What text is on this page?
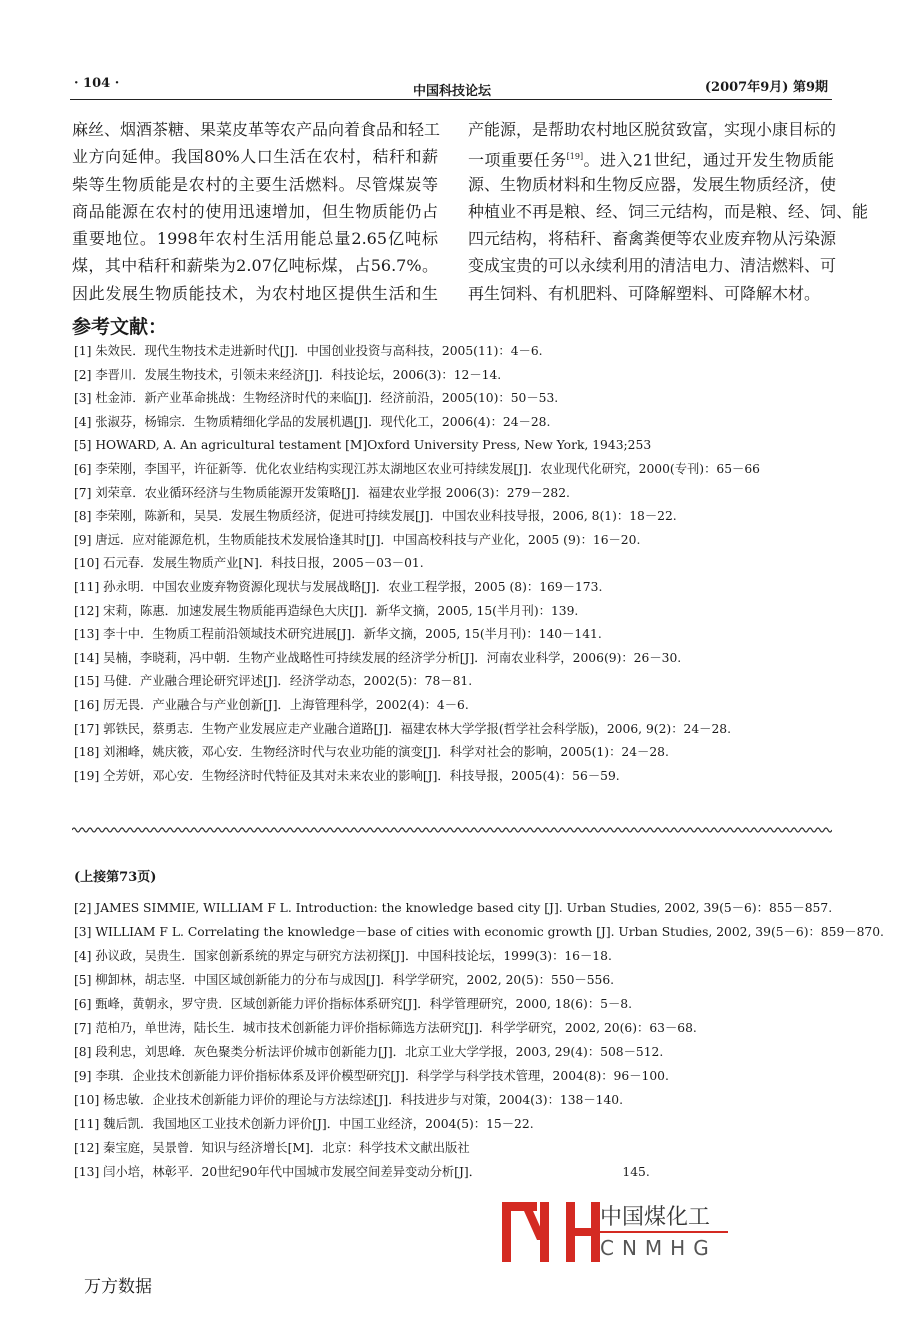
· 104 ·
中国科技论坛	(2007年9月) 第9期
麻丝、烟酒茶糖、果菜皮革等农产品向着食品和轻工
业方向延伸。我国80%人口生活在农村，秸秆和薪
柴等生物质能是农村的主要生活燃料。尽管煤炭等
商品能源在农村的使用迅速增加，但生物质能仍占
重要地位。1998年农村生活用能总量2.65亿吨标
煤，其中秸秆和薪柴为2.07亿吨标煤，占56.7%。
因此发展生物质能技术，为农村地区提供生活和生
产能源，是帮助农村地区脱贫致富，实现小康目标的
一项重要任务[19]。进入21世纪，通过开发生物质能
源、生物质材料和生物反应器，发展生物质经济，使
种植业不再是粮、经、饲三元结构，而是粮、经、饲、能
四元结构，将秸秆、畜禽粪便等农业废弃物从污染源
变成宝贵的可以永续利用的清洁电力、清洁燃料、可
再生饲料、有机肥料、可降解塑料、可降解木材。
参考文献：
[1] 朱效民．现代生物技术走进新时代[J]．中国创业投资与高科技，2005(11)：4－6.
[2] 李晋川．发展生物技术，引领未来经济[J]．科技论坛，2006(3)：12－14.
[3] 杜金沛．新产业革命挑战：生物经济时代的来临[J]．经济前沿，2005(10)：50－53.
[4] 张淑芬，杨锦宗．生物质精细化学品的发展机遇[J]．现代化工，2006(4)：24－28.
[5] HOWARD, A. An agricultural testament [M]Oxford University Press, New York, 1943;253
[6] 李荣刚，李国平，许征新等．优化农业结构实现江苏太湖地区农业可持续发展[J]．农业现代化研究，2000(专刊)：65－66
[7] 刘荣章．农业循环经济与生物质能源开发策略[J]．福建农业学报 2006(3)：279－282.
[8] 李荣刚，陈新和，吴昊．发展生物质经济，促进可持续发展[J]．中国农业科技导报，2006, 8(1)：18－22.
[9] 唐远．应对能源危机，生物质能技术发展恰逢其时[J]．中国高校科技与产业化，2005 (9)：16－20.
[10] 石元春．发展生物质产业[N]．科技日报，2005－03－01.
[11] 孙永明．中国农业废弃物资源化现状与发展战略[J]．农业工程学报，2005 (8)：169－173.
[12] 宋莉，陈惠．加速发展生物质能再造绿色大庆[J]．新华文摘，2005, 15(半月刊)：139.
[13] 李十中．生物质工程前沿领域技术研究进展[J]．新华文摘，2005, 15(半月刊)：140－141.
[14] 吴楠，李晓莉，冯中朝．生物产业战略性可持续发展的经济学分析[J]．河南农业科学，2006(9)：26－30.
[15] 马健．产业融合理论研究评述[J]．经济学动态，2002(5)：78－81.
[16] 厉无畏．产业融合与产业创新[J]．上海管理科学，2002(4)：4－6.
[17] 郭铁民，蔡勇志．生物产业发展应走产业融合道路[J]．福建农林大学学报(哲学社会科学版)，2006, 9(2)：24－28.
[18] 刘湘峰，姚庆筱，邓心安．生物经济时代与农业功能的演变[J]．科学对社会的影响，2005(1)：24－28.
[19] 仝芳妍，邓心安．生物经济时代特征及其对未来农业的影响[J]．科技导报，2005(4)：56－59.
(上接第73页)
[2] JAMES SIMMIE, WILLIAM F L. Introduction: the knowledge based city [J]. Urban Studies, 2002, 39(5－6)：855－857.
[3] WILLIAM F L. Correlating the knowledge－base of cities with economic growth [J]. Urban Studies, 2002, 39(5－6)：859－870.
[4] 孙议政，吴贵生．国家创新系统的界定与研究方法初探[J]．中国科技论坛，1999(3)：16－18.
[5] 柳卸林，胡志坚．中国区域创新能力的分布与成因[J]．科学学研究，2002, 20(5)：550－556.
[6] 甄峰，黄朝永，罗守贵．区域创新能力评价指标体系研究[J]．科学管理研究，2000, 18(6)：5－8.
[7] 范柏乃，单世涛，陆长生．城市技术创新能力评价指标筛选方法研究[J]．科学学研究，2002, 20(6)：63－68.
[8] 段利忠，刘思峰．灰色聚类分析法评价城市创新能力[J]．北京工业大学学报，2003, 29(4)：508－512.
[9] 李琪．企业技术创新能力评价指标体系及评价模型研究[J]．科学学与科学技术管理，2004(8)：96－100.
[10] 杨忠敏．企业技术创新能力评价的理论与方法综述[J]．科技进步与对策，2004(3)：138－140.
[11] 魏后凯．我国地区工业技术创新力评价[J]．中国工业经济，2004(5)：15－22.
[12] 秦宝庭，吴景曾．知识与经济增长[M]．北京：科学技术文献出版社
[13] 闫小培，林彰平．20世纪90年代中国城市发展空间差异变动分析[J]．　　　　　　　　　　　　145.
中国煤化工
CNMHG
万方数据
